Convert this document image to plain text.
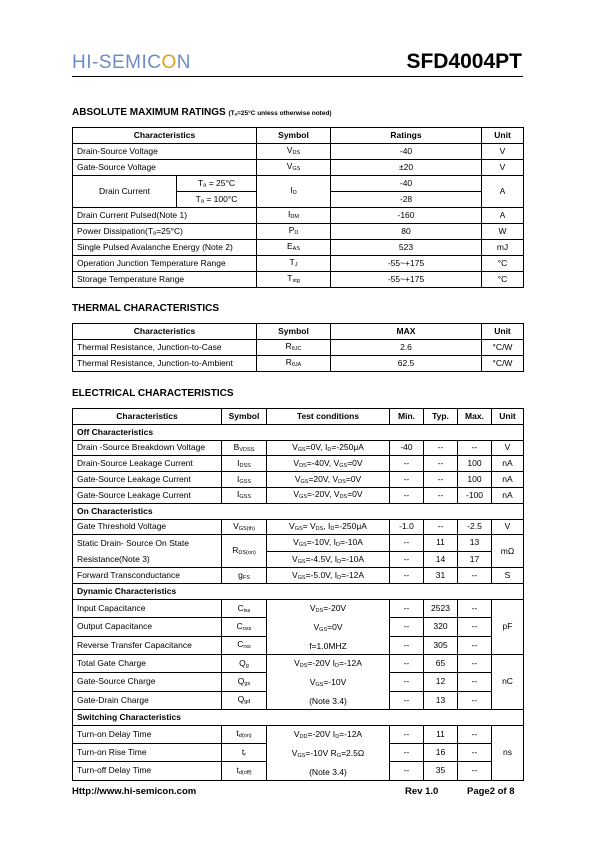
HI-SEMICON	SFD4004PT
ABSOLUTE MAXIMUM RATINGS (Tₐ=25°C unless otherwise noted)
Characteristics		Symbol	Ratings	Unit
Drain-Source Voltage		$V_{DS}$	-40	V
Gate-Source Voltage		$V_{GS}$	±20	V
Drain Current	Tₐ = 25°C	$I_D$	-40	A
	Tₐ = 100°C		-28	
Drain Current Pulsed(Note 1)		$I_{DM}$	-160	A
Power Dissipation(Tₐ=25°C)		$P_D$	80	W
Single Pulsed Avalanche Energy (Note 2)		$E_{AS}$	523	mJ
Operation Junction Temperature Range		$T_J$	-55~+175	°C
Storage Temperature Range		$T_{stg}$	-55~+175	°C
THERMAL CHARACTERISTICS
Characteristics	Symbol	MAX	Unit
Thermal Resistance, Junction-to-Case	$R_{\theta JC}$	2.6	°C/W
Thermal Resistance, Junction-to-Ambient	$R_{\theta JA}$	62.5	°C/W
ELECTRICAL CHARACTERISTICS
Characteristics	Symbol	Test conditions	Min.	Typ.	Max.	Unit
Off Characteristics						
Drain -Source Breakdown Voltage	$B_{VDSS}$	$V_{GS}=0V$, $I_D=-250\mu A$	-40	--	--	V
Drain-Source Leakage Current	$I_{DSS}$	$V_{DS}=-40V$, $V_{GS}=0V$	--	--	100	nA
Gate-Source Leakage Current	$I_{GSS}$	$V_{GS}=20V$, $V_{DS}=0V$	--	--	100	nA
Gate-Source Leakage Current	$I_{GSS}$	$V_{GS}=-20V$, $V_{DS}=0V$	--	--	-100	nA
On Characteristics						
Gate Threshold Voltage	$V_{GS(th)}$	$V_{GS}= V_{DS}$, $I_D=-250\mu A$	-1.0	--	-2.5	V
Static Drain- Source On State
Resistance(Note 3)	$R_{DS(on)}$	$V_{GS}=-10V$, $I_D=-10A$	--	11	13	mΩ
		$V_{GS}=-4.5V$, $I_D=-10A$	--	14	17	
Forward Transconductance	$g_{FS}$	$V_{GS}=-5.0V$, $I_D=-12A$	--	31	--	S
Dynamic Characteristics						
Input Capacitance	$C_{iss}$	$V_{DS}=-20V$
$V_{GS}=0V$
f=1.0MHZ	--	2523	--	pF
Output Capacitance	$C_{oss}$		--	320	--	
Reverse Transfer Capacitance	$C_{rss}$		--	305	--	
Total Gate Charge	$Q_g$	$V_{DS}=-20V$ $I_D=-12A$
$V_{GS}=-10V$
(Note 3.4)	--	65	--	nC
Gate-Source Charge	$Q_{gs}$		--	12	--	
Gate-Drain Charge	$Q_{gd}$		--	13	--	
Switching Characteristics						
Turn-on Delay Time	$t_{d(on)}$	$V_{DD}=-20V$ $I_D=-12A$
$V_{GS}=-10V$ $R_G=2.5\Omega$
(Note 3.4)	--	11	--	ns
Turn-on Rise Time	$t_r$		--	16	--	
Turn-off Delay Time	$t_{d(off)}$		--	35	--	
Http://www.hi-semicon.com	Rev 1.0	Page2 of 8
